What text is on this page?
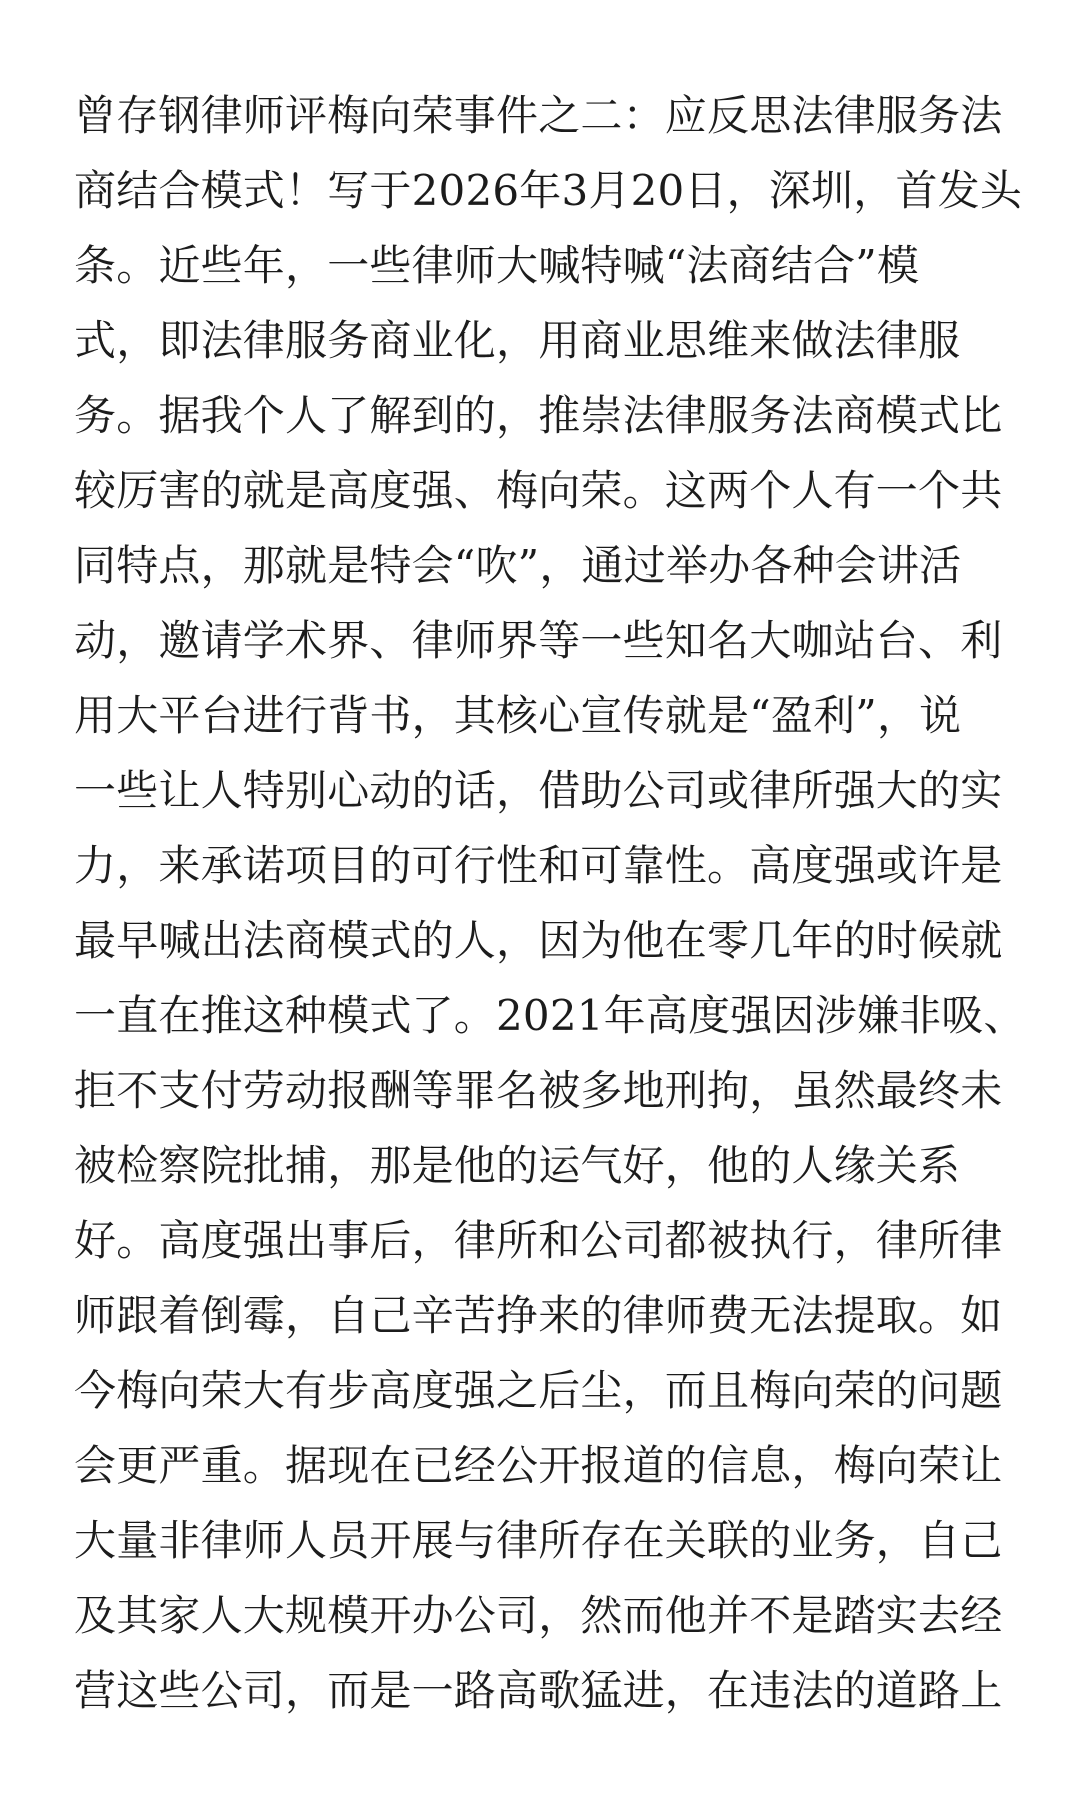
曾存钢律师评梅向荣事件之二：应反思法律服务法
商结合模式！写于2026年3月20日，深圳，首发头
条。近些年，一些律师大喊特喊“法商结合”模
式，即法律服务商业化，用商业思维来做法律服
务。据我个人了解到的，推崇法律服务法商模式比
较厉害的就是高度强、梅向荣。这两个人有一个共
同特点，那就是特会“吹”，通过举办各种会讲活
动，邀请学术界、律师界等一些知名大咖站台、利
用大平台进行背书，其核心宣传就是“盈利”，说
一些让人特别心动的话，借助公司或律所强大的实
力，来承诺项目的可行性和可靠性。高度强或许是
最早喊出法商模式的人，因为他在零几年的时候就
一直在推这种模式了。2021年高度强因涉嫌非吸、
拒不支付劳动报酬等罪名被多地刑拘，虽然最终未
被检察院批捕，那是他的运气好，他的人缘关系
好。高度强出事后，律所和公司都被执行，律所律
师跟着倒霉，自己辛苦挣来的律师费无法提取。如
今梅向荣大有步高度强之后尘，而且梅向荣的问题
会更严重。据现在已经公开报道的信息，梅向荣让
大量非律师人员开展与律所存在关联的业务，自己
及其家人大规模开办公司，然而他并不是踏实去经
营这些公司，而是一路高歌猛进，在违法的道路上
